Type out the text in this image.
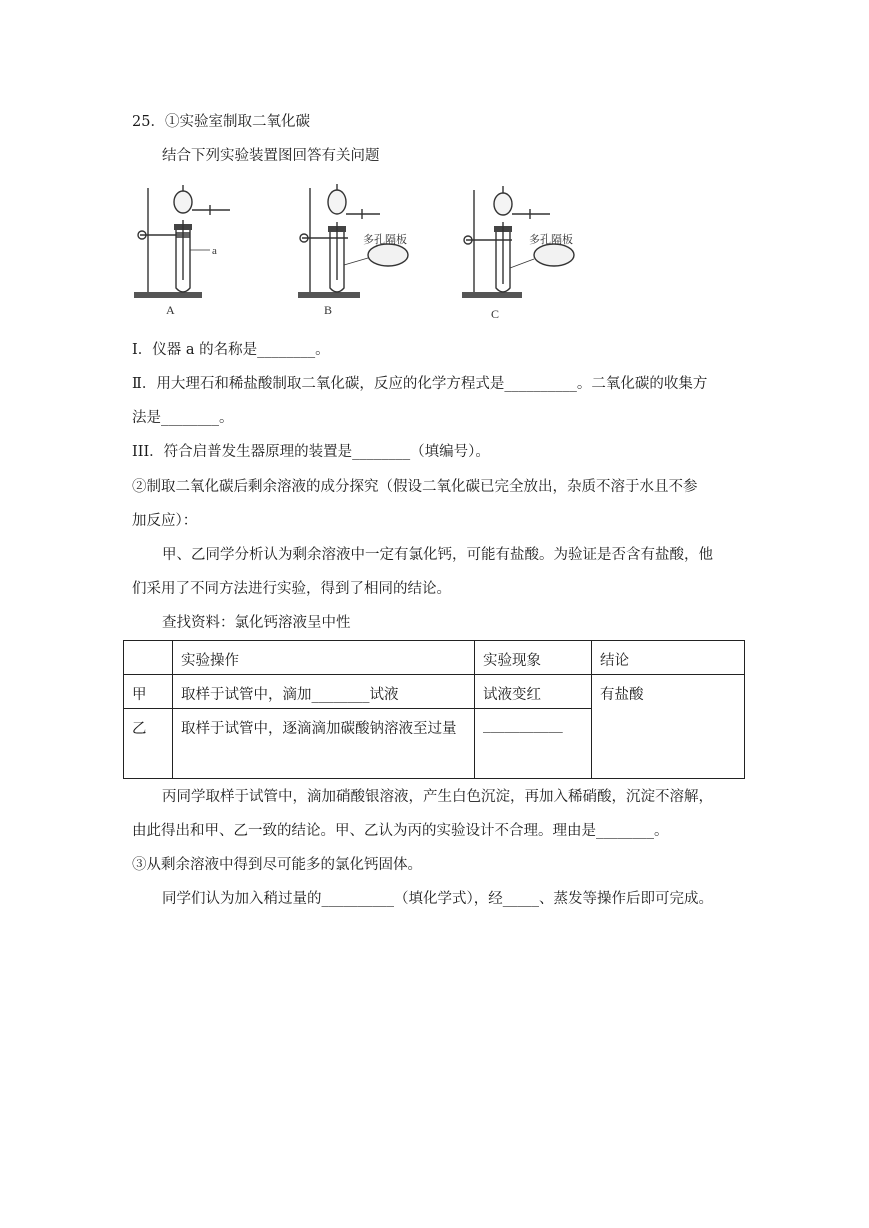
25．①实验室制取二氧化碳
结合下列实验装置图回答有关问题
a
A
多孔隔板
B
多孔隔板
C
Ⅰ．仪器 a 的名称是________。
Ⅱ．用大理石和稀盐酸制取二氧化碳，反应的化学方程式是__________。二氧化碳的收集方
法是________。
III．符合启普发生器原理的装置是________（填编号）。
②制取二氧化碳后剩余溶液的成分探究（假设二氧化碳已完全放出，杂质不溶于水且不参
加反应）：
甲、乙同学分析认为剩余溶液中一定有氯化钙，可能有盐酸。为验证是否含有盐酸，他
们采用了不同方法进行实验，得到了相同的结论。
查找资料：氯化钙溶液呈中性
	实验操作	实验现象	结论
甲	取样于试管中，滴加________试液	试液变红	有盐酸
乙	取样于试管中，逐滴滴加碳酸钠溶液至过量	___________	
丙同学取样于试管中，滴加硝酸银溶液，产生白色沉淀，再加入稀硝酸，沉淀不溶解，
由此得出和甲、乙一致的结论。甲、乙认为丙的实验设计不合理。理由是________。
③从剩余溶液中得到尽可能多的氯化钙固体。
同学们认为加入稍过量的__________（填化学式），经_____、蒸发等操作后即可完成。
